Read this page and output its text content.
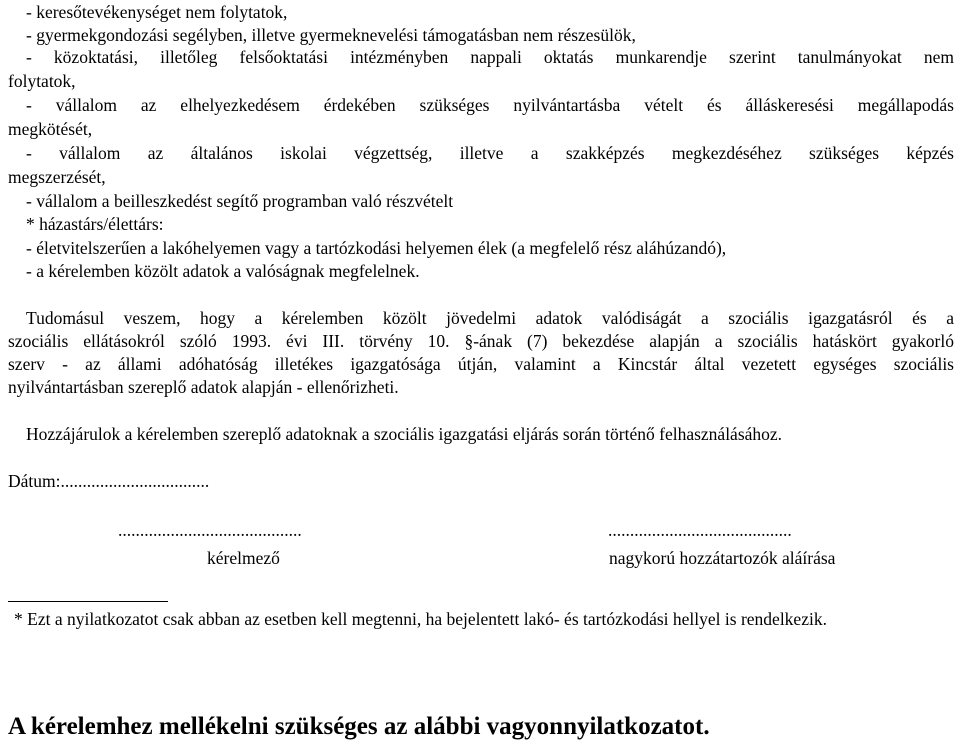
- keresőtevékenységet nem folytatok,
- gyermekgondozási segélyben, illetve gyermeknevelési támogatásban nem részesülök,
- közoktatási, illetőleg felsőoktatási intézményben nappali oktatás munkarendje szerint tanulmányokat nem
folytatok,
- vállalom az elhelyezkedésem érdekében szükséges nyilvántartásba vételt és álláskeresési megállapodás
megkötését,
- vállalom az általános iskolai végzettség, illetve a szakképzés megkezdéséhez szükséges képzés
megszerzését,
- vállalom a beilleszkedést segítő programban való részvételt
* házastárs/élettárs:
- életvitelszerűen a lakóhelyemen vagy a tartózkodási helyemen élek (a megfelelő rész aláhúzandó),
- a kérelemben közölt adatok a valóságnak megfelelnek.
Tudomásul veszem, hogy a kérelemben közölt jövedelmi adatok valódiságát a szociális igazgatásról és a
szociális ellátásokról szóló 1993. évi III. törvény 10. §-ának (7) bekezdése alapján a szociális hatáskört gyakorló
szerv - az állami adóhatóság illetékes igazgatósága útján, valamint a Kincstár által vezetett egységes szociális
nyilvántartásban szereplő adatok alapján - ellenőrizheti.
Hozzájárulok a kérelemben szereplő adatoknak a szociális igazgatási eljárás során történő felhasználásához.
Dátum:..................................
..........................................	..........................................
kérelmező	nagykorú hozzátartozók aláírása
* Ezt a nyilatkozatot csak abban az esetben kell megtenni, ha bejelentett lakó- és tartózkodási hellyel is rendelkezik.
A kérelemhez mellékelni szükséges az alábbi vagyonnyilatkozatot.
